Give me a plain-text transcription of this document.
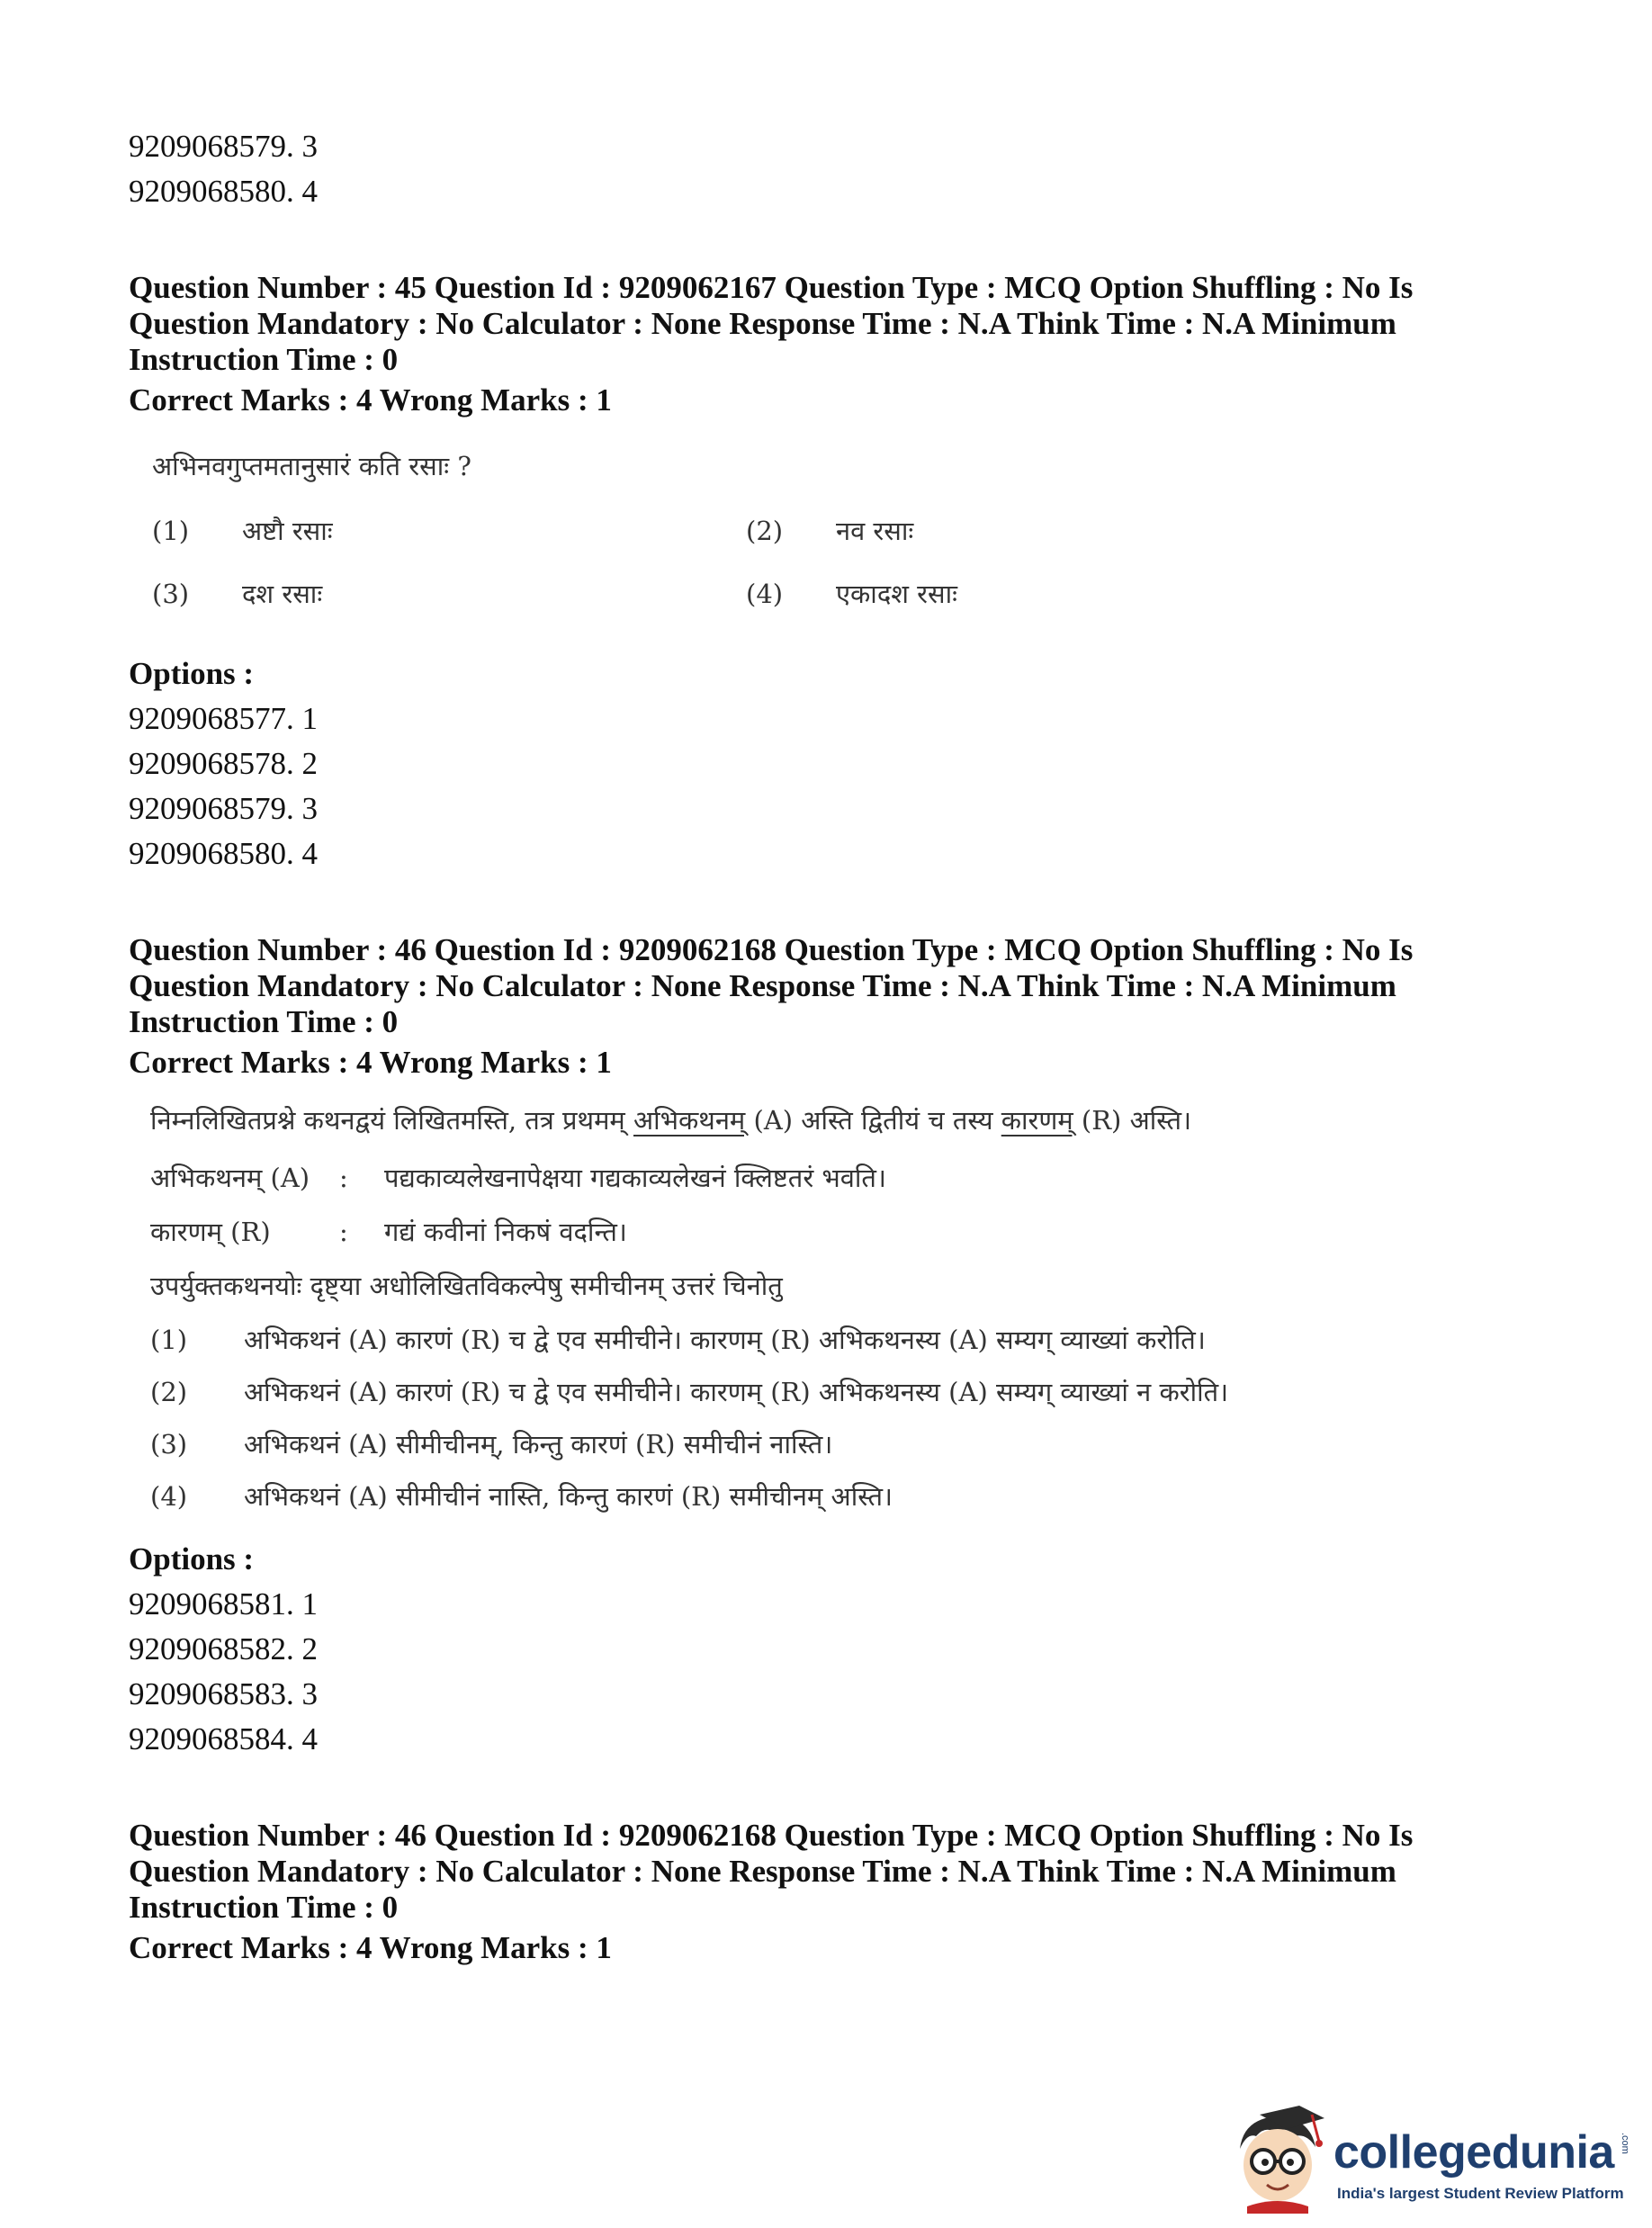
9209068579. 3

9209068580. 4

Question Number : 45 Question Id : 9209062167 Question Type : MCQ Option Shuffling : No Is

Question Mandatory : No Calculator : None Response Time : N.A Think Time : N.A Minimum

Instruction Time : 0

Correct Marks : 4 Wrong Marks : 1

अभिनवगुप्तमतानुसारं कति रसाः ?
(1)	अष्टौ रसाः	(2)	नव रसाः
(3)	दश रसाः	(4)	एकादश रसाः

Options :

9209068577. 1

9209068578. 2

9209068579. 3

9209068580. 4

Question Number : 46 Question Id : 9209062168 Question Type : MCQ Option Shuffling : No Is

Question Mandatory : No Calculator : None Response Time : N.A Think Time : N.A Minimum

Instruction Time : 0

Correct Marks : 4 Wrong Marks : 1

निम्नलिखितप्रश्ने कथनद्वयं लिखितमस्ति, तत्र प्रथमम् अभिकथनम् (A) अस्ति द्वितीयं च तस्य कारणम् (R) अस्ति।
अभिकथनम् (A)	:	पद्यकाव्यलेखनापेक्षया गद्यकाव्यलेखनं क्लिष्टतरं भवति।
कारणम् (R)	:	गद्यं कवीनां निकषं वदन्ति।
उपर्युक्तकथनयोः दृष्ट्या अधोलिखितविकल्पेषु समीचीनम् उत्तरं चिनोतु
(1)	अभिकथनं (A) कारणं (R) च द्वे एव समीचीने। कारणम् (R) अभिकथनस्य (A) सम्यग् व्याख्यां करोति।
(2)	अभिकथनं (A) कारणं (R) च द्वे एव समीचीने। कारणम् (R) अभिकथनस्य (A) सम्यग् व्याख्यां न करोति।
(3)	अभिकथनं (A) सीमीचीनम्, किन्तु कारणं (R) समीचीनं नास्ति।
(4)	अभिकथनं (A) सीमीचीनं नास्ति, किन्तु कारणं (R) समीचीनम् अस्ति।

Options :

9209068581. 1

9209068582. 2

9209068583. 3

9209068584. 4

Question Number : 46 Question Id : 9209062168 Question Type : MCQ Option Shuffling : No Is

Question Mandatory : No Calculator : None Response Time : N.A Think Time : N.A Minimum

Instruction Time : 0

Correct Marks : 4 Wrong Marks : 1

collegedunia .com
India's largest Student Review Platform
